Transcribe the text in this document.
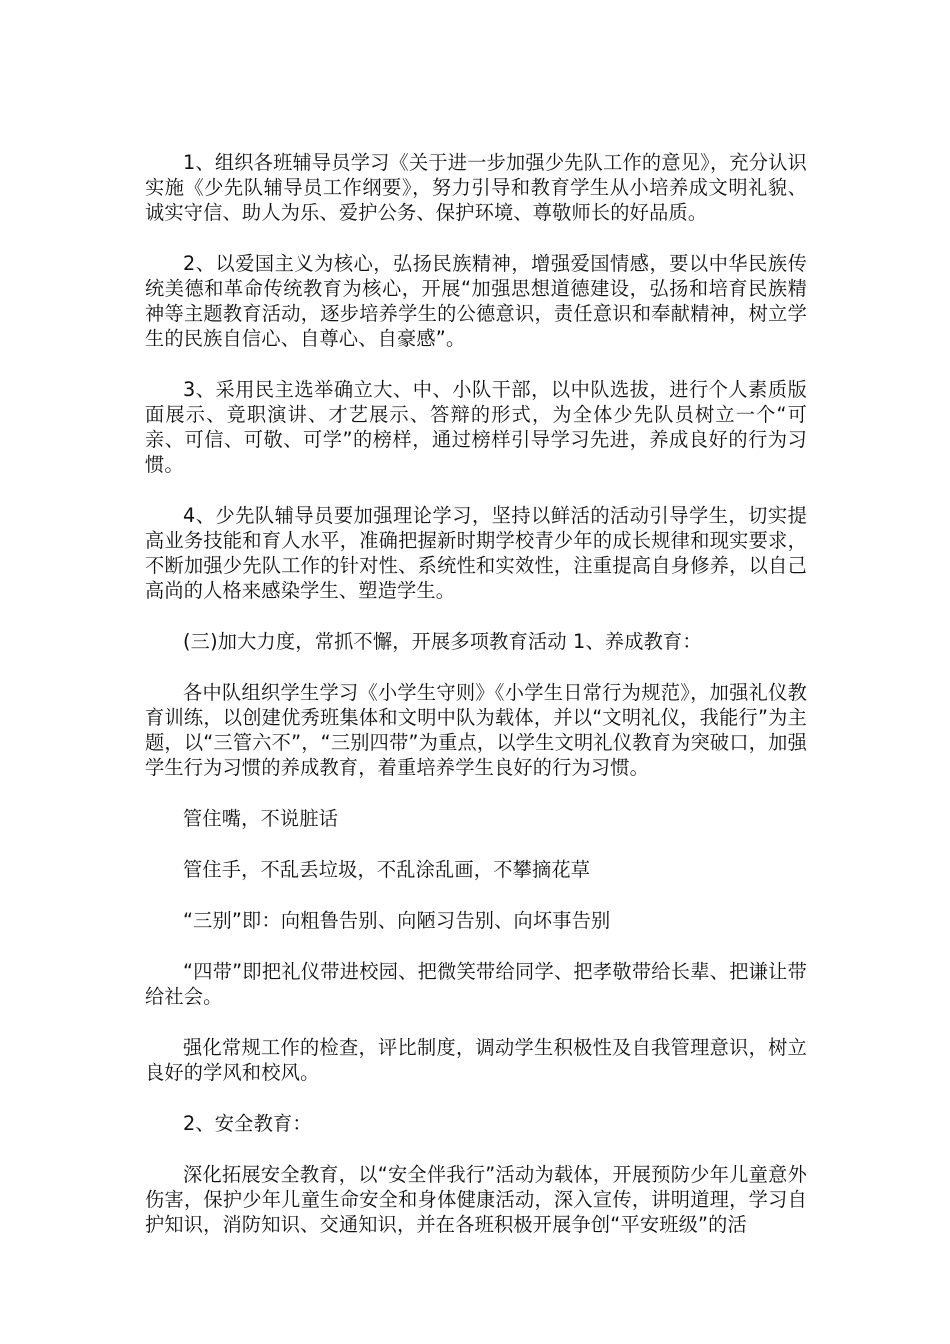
1、组织各班辅导员学习《关于进一步加强少先队工作的意见》，充分认识实施《少先队辅导员工作纲要》，努力引导和教育学生从小培养成文明礼貌、诚实守信、助人为乐、爱护公务、保护环境、尊敬师长的好品质。

2、以爱国主义为核心，弘扬民族精神，增强爱国情感，要以中华民族传统美德和革命传统教育为核心，开展“加强思想道德建设，弘扬和培育民族精神等主题教育活动，逐步培养学生的公德意识，责任意识和奉献精神，树立学生的民族自信心、自尊心、自豪感”。

3、采用民主选举确立大、中、小队干部，以中队选拔，进行个人素质版面展示、竟职演讲、才艺展示、答辩的形式，为全体少先队员树立一个“可亲、可信、可敬、可学”的榜样，通过榜样引导学习先进，养成良好的行为习惯。

4、少先队辅导员要加强理论学习，坚持以鲜活的活动引导学生，切实提高业务技能和育人水平，准确把握新时期学校青少年的成长规律和现实要求，不断加强少先队工作的针对性、系统性和实效性，注重提高自身修养，以自己高尚的人格来感染学生、塑造学生。

(三)加大力度，常抓不懈，开展多项教育活动 1、养成教育：

各中队组织学生学习《小学生守则》《小学生日常行为规范》，加强礼仪教育训练，以创建优秀班集体和文明中队为载体，并以“文明礼仪，我能行”为主题，以“三管六不”，“三别四带”为重点，以学生文明礼仪教育为突破口，加强学生行为习惯的养成教育，着重培养学生良好的行为习惯。

管住嘴，不说脏话

管住手，不乱丢垃圾，不乱涂乱画，不攀摘花草

“三别”即：向粗鲁告别、向陋习告别、向坏事告别

“四带”即把礼仪带进校园、把微笑带给同学、把孝敬带给长辈、把谦让带给社会。

强化常规工作的检查，评比制度，调动学生积极性及自我管理意识，树立良好的学风和校风。

2、安全教育：

深化拓展安全教育，以“安全伴我行”活动为载体，开展预防少年儿童意外伤害，保护少年儿童生命安全和身体健康活动，深入宣传，讲明道理，学习自护知识，消防知识、交通知识，并在各班积极开展争创“平安班级”的活
